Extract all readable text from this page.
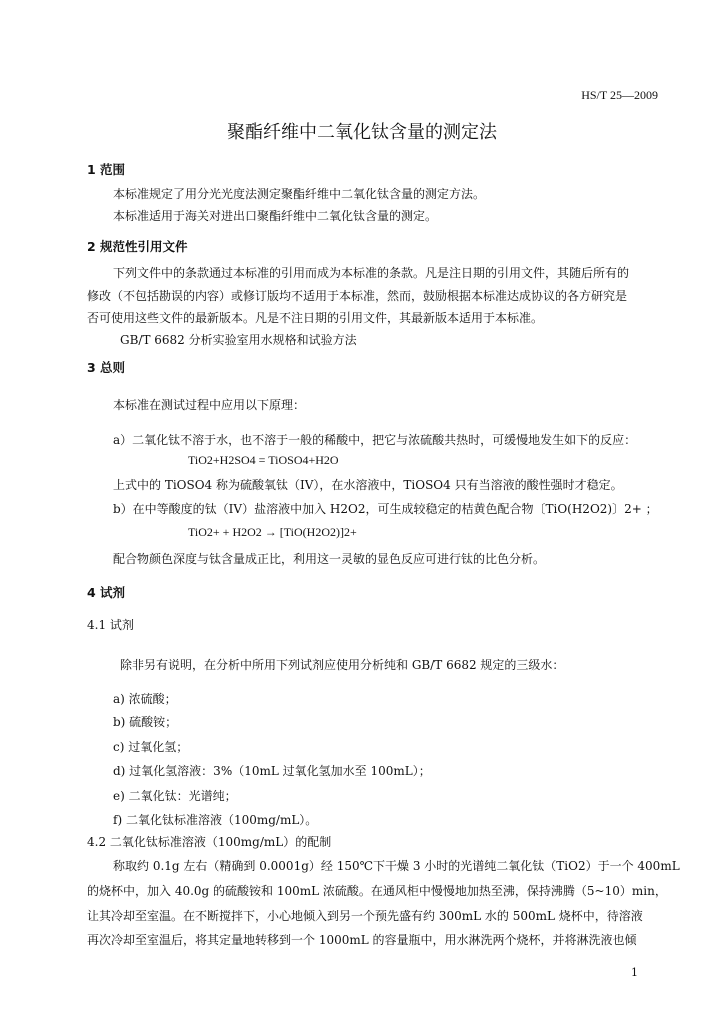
HS/T 25—2009
聚酯纤维中二氧化钛含量的测定法
1 范围
本标准规定了用分光光度法测定聚酯纤维中二氧化钛含量的测定方法。
本标准适用于海关对进出口聚酯纤维中二氧化钛含量的测定。
2 规范性引用文件
下列文件中的条款通过本标准的引用而成为本标准的条款。凡是注日期的引用文件，其随后所有的
修改（不包括勘误的内容）或修订版均不适用于本标准，然而，鼓励根据本标准达成协议的各方研究是
否可使用这些文件的最新版本。凡是不注日期的引用文件，其最新版本适用于本标准。
GB/T 6682 分析实验室用水规格和试验方法
3 总则
本标准在测试过程中应用以下原理：
a）二氧化钛不溶于水，也不溶于一般的稀酸中，把它与浓硫酸共热时，可缓慢地发生如下的反应：
TiO2+H2SO4 = TiOSO4+H2O
上式中的 TiOSO4 称为硫酸氧钛（IV），在水溶液中，TiOSO4 只有当溶液的酸性强时才稳定。
b）在中等酸度的钛（IV）盐溶液中加入 H2O2，可生成较稳定的桔黄色配合物〔TiO(H2O2)〕2+ ；
TiO2+ + H2O2 → [TiO(H2O2)]2+
配合物颜色深度与钛含量成正比，利用这一灵敏的显色反应可进行钛的比色分析。
4 试剂
4.1 试剂
除非另有说明，在分析中所用下列试剂应使用分析纯和 GB/T 6682 规定的三级水：
a) 浓硫酸；
b) 硫酸铵；
c) 过氧化氢；
d) 过氧化氢溶液：3%（10mL 过氧化氢加水至 100mL）；
e) 二氧化钛：光谱纯；
f) 二氧化钛标准溶液（100mg/mL）。
4.2 二氧化钛标准溶液（100mg/mL）的配制
称取约 0.1g 左右（精确到 0.0001g）经 150℃下干燥 3 小时的光谱纯二氧化钛（TiO2）于一个 400mL
的烧杯中，加入 40.0g 的硫酸铵和 100mL 浓硫酸。在通风柜中慢慢地加热至沸，保持沸腾（5~10）min，
让其冷却至室温。在不断搅拌下，小心地倾入到另一个预先盛有约 300mL 水的 500mL 烧杯中，待溶液
再次冷却至室温后，将其定量地转移到一个 1000mL 的容量瓶中，用水淋洗两个烧杯，并将淋洗液也倾
1
